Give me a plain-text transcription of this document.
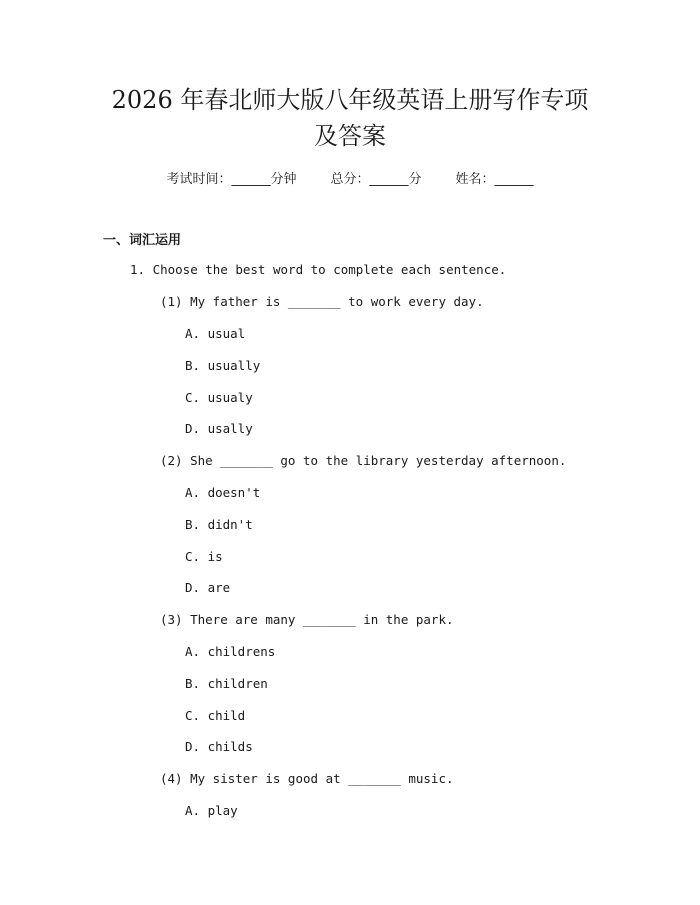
2026 年春北师大版八年级英语上册写作专项
及答案
考试时间：______分钟	总分：______分	姓名：______
一、词汇运用
1. Choose the best word to complete each sentence.
(1) My father is _______ to work every day.
A. usual
B. usually
C. usualy
D. usally
(2) She _______ go to the library yesterday afternoon.
A. doesn't
B. didn't
C. is
D. are
(3) There are many _______ in the park.
A. childrens
B. children
C. child
D. childs
(4) My sister is good at _______ music.
A. play
